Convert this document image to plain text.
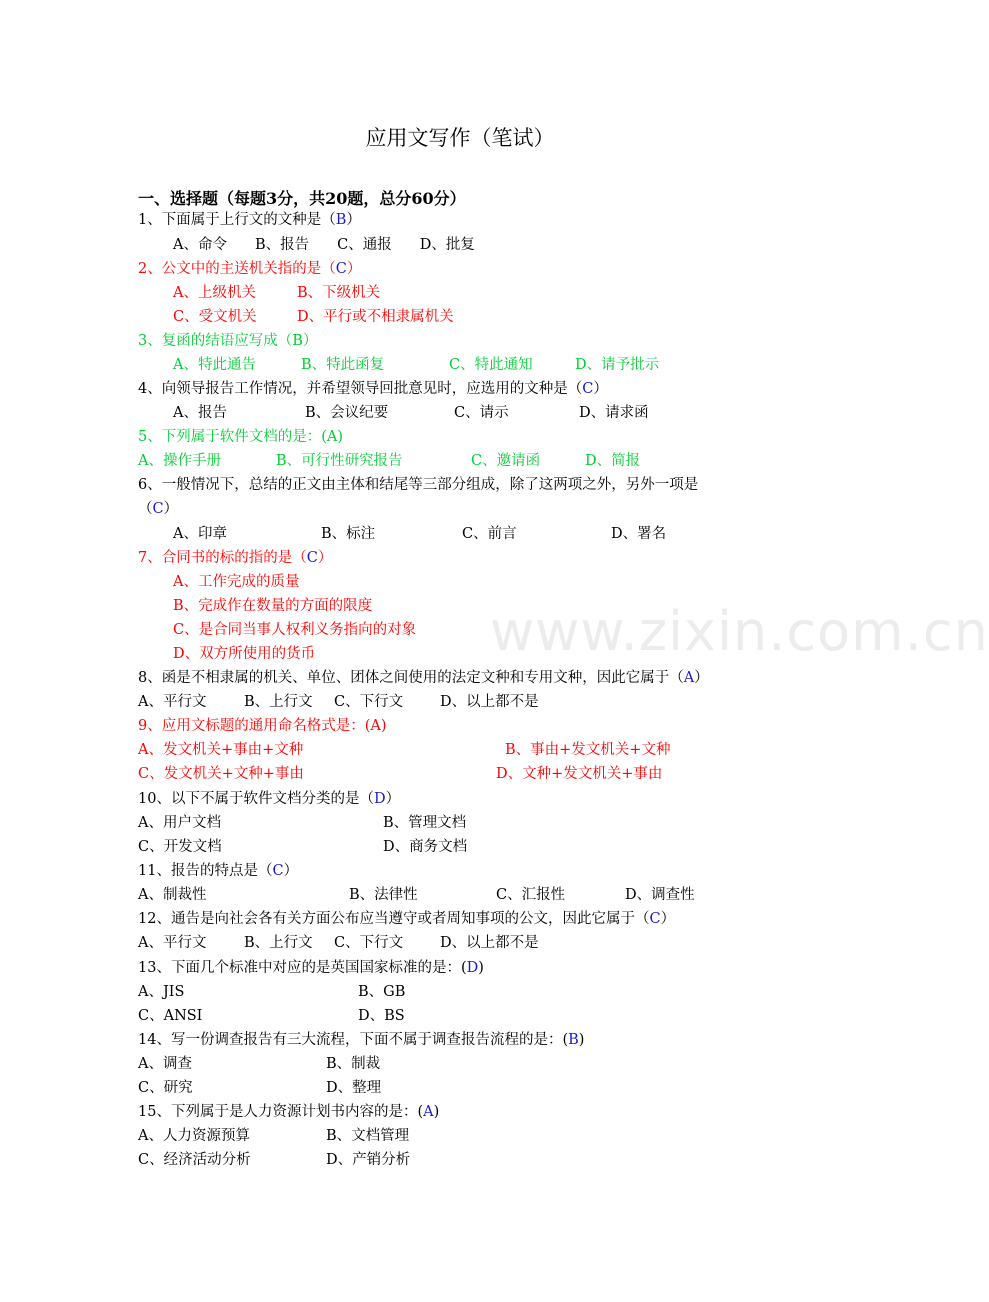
应用文写作（笔试）
一、选择题（每题3分，共20题，总分60分）
www.zixin.com.cn
1、下面属于上行文的文种是（B）
A、命令 B、报告 C、通报 D、批复
2、公文中的主送机关指的是（C）
A、上级机关	B、下级机关
C、受文机关	D、平行或不相隶属机关
3、复函的结语应写成（B）
A、特此通告	B、特此函复	C、特此通知	D、请予批示
4、向领导报告工作情况，并希望领导回批意见时，应选用的文种是（C）
A、报告	B、会议纪要	C、请示	D、请求函
5、下列属于软件文档的是：(A)
A、操作手册	B、可行性研究报告	C、邀请函	D、简报
6、一般情况下，总结的正文由主体和结尾等三部分组成，除了这两项之外，另外一项是
（C）
A、印章	B、标注	C、前言	D、署名
7、合同书的标的指的是（C）
A、工作完成的质量
B、完成作在数量的方面的限度
C、是合同当事人权利义务指向的对象
D、双方所使用的货币
8、函是不相隶属的机关、单位、团体之间使用的法定文种和专用文种，因此它属于（A）
A、平行文	B、上行文 C、下行文	D、以上都不是
9、应用文标题的通用命名格式是：(A)
A、发文机关+事由+文种	B、事由+发文机关+文种
C、发文机关+文种+事由	D、文种+发文机关+事由
10、以下不属于软件文档分类的是（D）
A、用户文档	B、管理文档
C、开发文档	D、商务文档
11、报告的特点是（C）
A、制裁性	B、法律性	C、汇报性	D、调查性
12、通告是向社会各有关方面公布应当遵守或者周知事项的公文，因此它属于（C）
A、平行文	B、上行文 C、下行文	D、以上都不是
13、下面几个标准中对应的是英国国家标准的是：(D)
A、JIS	B、GB
C、ANSI	D、BS
14、写一份调查报告有三大流程，下面不属于调查报告流程的是：(B)
A、调查	B、制裁
C、研究	D、整理
15、下列属于是人力资源计划书内容的是：(A)
A、人力资源预算	B、文档管理
C、经济活动分析	D、产销分析
